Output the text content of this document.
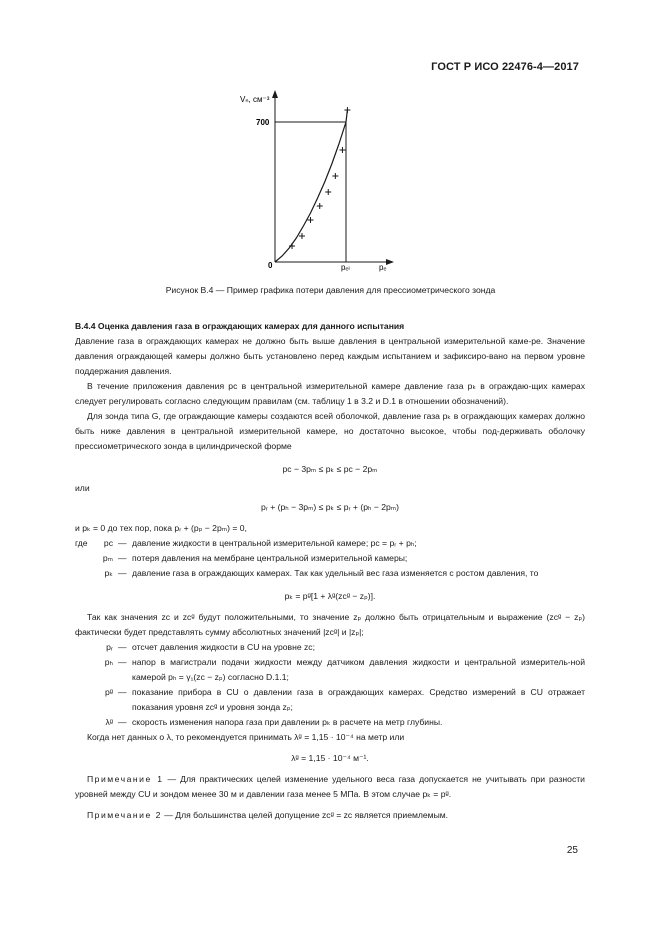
ГОСТ Р ИСО 22476-4—2017
Vₙ, см⁻³
700
0	pₑₗ	pₑ
Рисунок В.4 — Пример графика потери давления для прессиометрического зонда

В.4.4 Оценка давления газа в ограждающих камерах для данного испытания

Давление газа в ограждающих камерах не должно быть выше давления в центральной измерительной каме-ре. Значение давления ограждающей камеры должно быть установлено перед каждым испытанием и зафиксиро-вано на первом уровне поддержания давления.

В течение приложения давления pᴄ в центральной измерительной камере давление газа pₖ в ограждаю-щих камерах следует регулировать согласно следующим правилам (см. таблицу 1 в 3.2 и D.1 в отношении обозначений).

Для зонда типа G, где ограждающие камеры создаются всей оболочкой, давление газа pₖ в ограждающих камерах должно быть ниже давления в центральной измерительной камере, но достаточно высокое, чтобы под-держивать оболочку прессиометрического зонда в цилиндрической форме

pᴄ − 3pₘ ≤ pₖ ≤ pᴄ − 2pₘ

или

pᵣ + (pₕ − 3pₘ) ≤ pₖ ≤ pᵣ + (pₕ − 2pₘ)

и pₖ = 0 до тех пор, пока pᵣ + (pₚ − 2pₘ) = 0,

где	pᴄ — давление жидкости в центральной измерительной камере; pᴄ = pᵣ + pₕ;
pₘ — потеря давления на мембране центральной измерительной камеры;
pₖ — давление газа в ограждающих камерах. Так как удельный вес газа изменяется с ростом давления, то

pₖ = pᵍ[1 + λᵍ(zᴄᵍ − zₚ)].

Так как значения zᴄ и zᴄᵍ будут положительными, то значение zₚ должно быть отрицательным и выражение (zᴄᵍ − zₚ) фактически будет представлять сумму абсолютных значений |zᴄᵍ| и |zₚ|;

pᵣ — отсчет давления жидкости в CU на уровне zᴄ;
pₕ — напор в магистрали подачи жидкости между датчиком давления жидкости и центральной измеритель-ной камерой pₕ = γ₁(zᴄ − zₚ) согласно D.1.1;
pᵍ — показание прибора в CU о давлении газа в ограждающих камерах. Средство измерений в CU отражает показания уровня zᴄᵍ и уровня зонда zₚ;
λᵍ — скорость изменения напора газа при давлении pₖ в расчете на метр глубины.

Когда нет данных о λ, то рекомендуется принимать λᵍ = 1,15 · 10⁻⁴ на метр или

λᵍ = 1,15 · 10⁻⁴ м⁻¹.

Примечание 1 — Для практических целей изменение удельного веса газа допускается не учитывать при разности уровней между CU и зондом менее 30 м и давлении газа менее 5 МПа. В этом случае pₖ = pᵍ.

Примечание 2 — Для большинства целей допущение zᴄᵍ = zᴄ является приемлемым.

25
